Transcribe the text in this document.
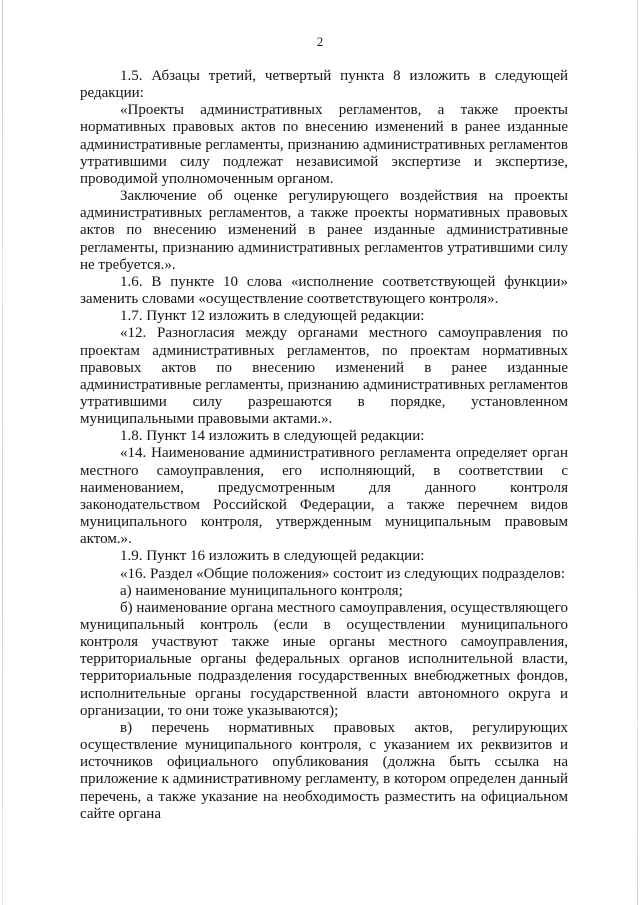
2

1.5. Абзацы третий, четвертый пункта 8 изложить в следующей редакции:

«Проекты административных регламентов, а также проекты нормативных правовых актов по внесению изменений в ранее изданные административные регламенты, признанию административных регламентов утратившими силу подлежат независимой экспертизе и экспертизе, проводимой уполномоченным органом.

Заключение об оценке регулирующего воздействия на проекты административных регламентов, а также проекты нормативных правовых актов по внесению изменений в ранее изданные административные регламенты, признанию административных регламентов утратившими силу не требуется.».

1.6. В пункте 10 слова «исполнение соответствующей функции» заменить словами «осуществление соответствующего контроля».

1.7. Пункт 12 изложить в следующей редакции:

«12. Разногласия между органами местного самоуправления по проектам административных регламентов, по проектам нормативных правовых актов по внесению изменений в ранее изданные административные регламенты, признанию административных регламентов утратившими силу разрешаются в порядке, установленном муниципальными правовыми актами.».

1.8. Пункт 14 изложить в следующей редакции:

«14. Наименование административного регламента определяет орган местного самоуправления, его исполняющий, в соответствии с наименованием, предусмотренным для данного контроля законодательством Российской Федерации, а также перечнем видов муниципального контроля, утвержденным муниципальным правовым актом.».

1.9. Пункт 16 изложить в следующей редакции:

«16. Раздел «Общие положения» состоит из следующих подразделов:

а) наименование муниципального контроля;
б) наименование органа местного самоуправления, осуществляющего муниципальный контроль (если в осуществлении муниципального контроля участвуют также иные органы местного самоуправления, территориальные органы федеральных органов исполнительной власти, территориальные подразделения государственных внебюджетных фондов, исполнительные органы государственной власти автономного округа и организации, то они тоже указываются);
в) перечень нормативных правовых актов, регулирующих осуществление муниципального контроля, с указанием их реквизитов и источников официального опубликования (должна быть ссылка на приложение к административному регламенту, в котором определен данный перечень, а также указание на необходимость разместить на официальном сайте органа
